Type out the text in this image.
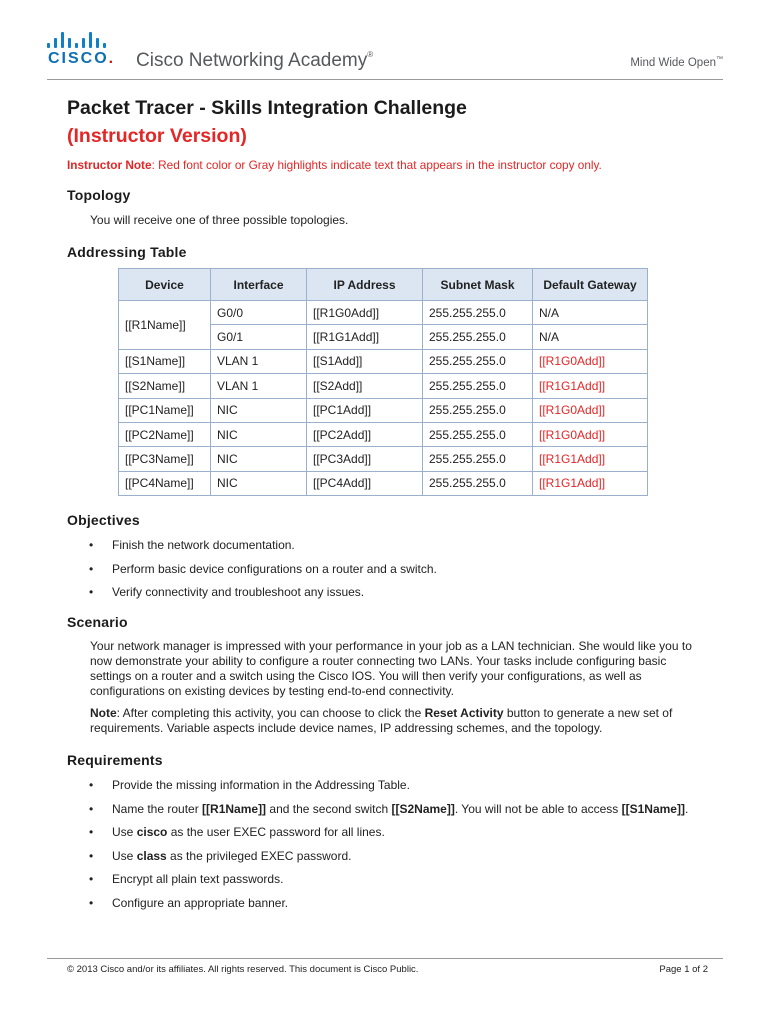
CISCO. Cisco Networking Academy®
Mind Wide Open™
Packet Tracer - Skills Integration Challenge
(Instructor Version)
Instructor Note: Red font color or Gray highlights indicate text that appears in the instructor copy only.
Topology

You will receive one of three possible topologies.

Addressing Table
Device	Interface	IP Address	Subnet Mask	Default Gateway
[[R1Name]]	G0/0	[[R1G0Add]]	255.255.255.0	N/A
	G0/1	[[R1G1Add]]	255.255.255.0	N/A
[[S1Name]]	VLAN 1	[[S1Add]]	255.255.255.0	[[R1G0Add]]
[[S2Name]]	VLAN 1	[[S2Add]]	255.255.255.0	[[R1G1Add]]
[[PC1Name]]	NIC	[[PC1Add]]	255.255.255.0	[[R1G0Add]]
[[PC2Name]]	NIC	[[PC2Add]]	255.255.255.0	[[R1G0Add]]
[[PC3Name]]	NIC	[[PC3Add]]	255.255.255.0	[[R1G1Add]]
[[PC4Name]]	NIC	[[PC4Add]]	255.255.255.0	[[R1G1Add]]
Objectives
• Finish the network documentation.
• Perform basic device configurations on a router and a switch.
• Verify connectivity and troubleshoot any issues.
Scenario

Your network manager is impressed with your performance in your job as a LAN technician. She would like you to now demonstrate your ability to configure a router connecting two LANs. Your tasks include configuring basic settings on a router and a switch using the Cisco IOS. You will then verify your configurations, as well as configurations on existing devices by testing end-to-end connectivity.

Note: After completing this activity, you can choose to click the Reset Activity button to generate a new set of requirements. Variable aspects include device names, IP addressing schemes, and the topology.

Requirements
• Provide the missing information in the Addressing Table.
• Name the router [[R1Name]] and the second switch [[S2Name]]. You will not be able to access [[S1Name]].
• Use cisco as the user EXEC password for all lines.
• Use class as the privileged EXEC password.
• Encrypt all plain text passwords.
• Configure an appropriate banner.
© 2013 Cisco and/or its affiliates. All rights reserved. This document is Cisco Public.	Page 1 of 2
